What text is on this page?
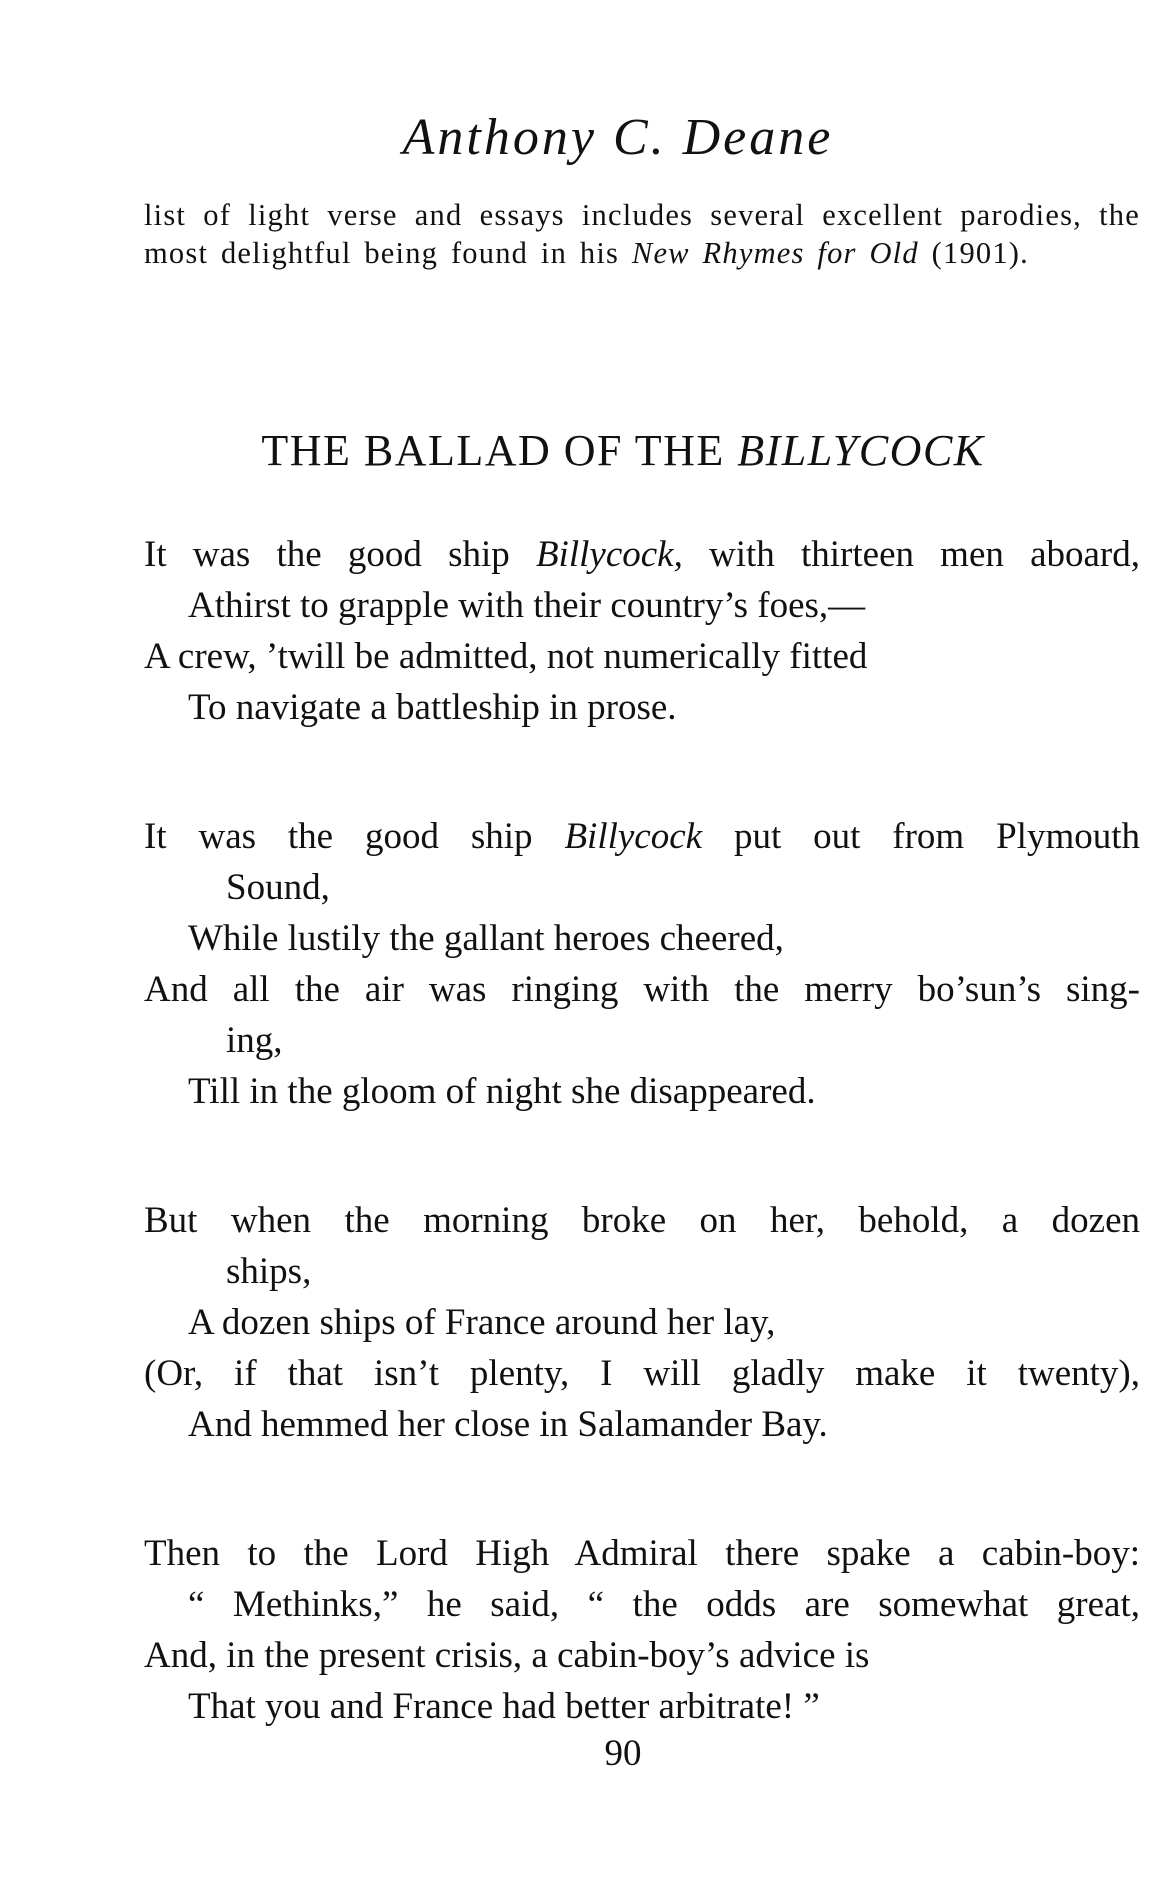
Anthony C. Deane
list of light verse and essays includes several excellent parodies, the most delightful being found in his New Rhymes for Old (1901).
THE BALLAD OF THE BILLYCOCK
It was the good ship Billycock, with thirteen men aboard,
Athirst to grapple with their country’s foes,—
A crew, ’twill be admitted, not numerically fitted
To navigate a battleship in prose.
It was the good ship Billycock put out from Plymouth
Sound,
While lustily the gallant heroes cheered,
And all the air was ringing with the merry bo’sun’s sing-
ing,
Till in the gloom of night she disappeared.
But when the morning broke on her, behold, a dozen
ships,
A dozen ships of France around her lay,
(Or, if that isn’t plenty, I will gladly make it twenty),
And hemmed her close in Salamander Bay.
Then to the Lord High Admiral there spake a cabin-boy:
“ Methinks,” he said, “ the odds are somewhat great,
And, in the present crisis, a cabin-boy’s advice is
That you and France had better arbitrate! ”
90
